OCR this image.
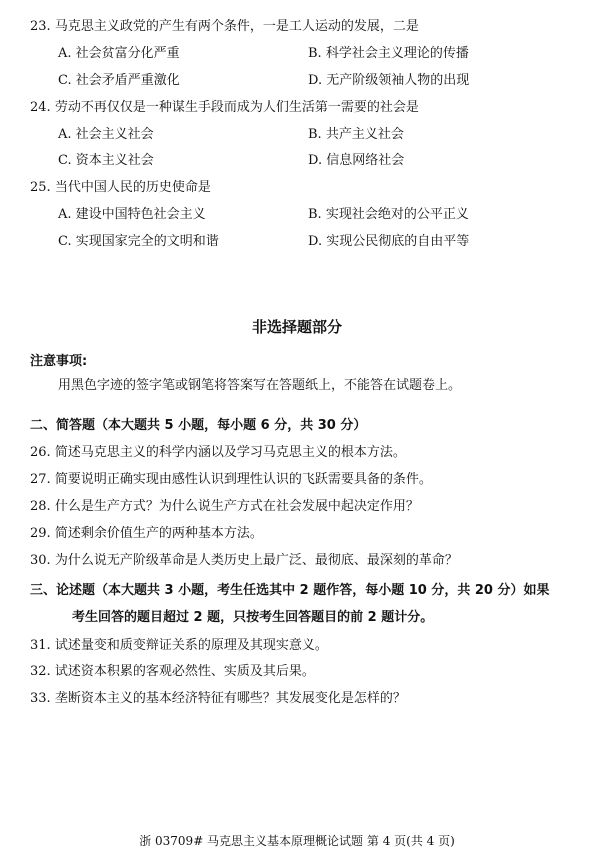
23. 马克思主义政党的产生有两个条件，一是工人运动的发展，二是
A. 社会贫富分化严重	B. 科学社会主义理论的传播
C. 社会矛盾严重激化	D. 无产阶级领袖人物的出现
24. 劳动不再仅仅是一种谋生手段而成为人们生活第一需要的社会是
A. 社会主义社会	B. 共产主义社会
C. 资本主义社会	D. 信息网络社会
25. 当代中国人民的历史使命是
A. 建设中国特色社会主义	B. 实现社会绝对的公平正义
C. 实现国家完全的文明和谐	D. 实现公民彻底的自由平等
非选择题部分
注意事项:
用黑色字迹的签字笔或钢笔将答案写在答题纸上，不能答在试题卷上。
二、简答题（本大题共 5 小题，每小题 6 分，共 30 分）
26. 简述马克思主义的科学内涵以及学习马克思主义的根本方法。
27. 简要说明正确实现由感性认识到理性认识的飞跃需要具备的条件。
28. 什么是生产方式？为什么说生产方式在社会发展中起决定作用？
29. 简述剩余价值生产的两种基本方法。
30. 为什么说无产阶级革命是人类历史上最广泛、最彻底、最深刻的革命？
三、论述题（本大题共 3 小题，考生任选其中 2 题作答，每小题 10 分，共 20 分）如果
考生回答的题目超过 2 题，只按考生回答题目的前 2 题计分。
31. 试述量变和质变辩证关系的原理及其现实意义。
32. 试述资本积累的客观必然性、实质及其后果。
33. 垄断资本主义的基本经济特征有哪些？其发展变化是怎样的？
浙 03709# 马克思主义基本原理概论试题 第 4 页(共 4 页)
